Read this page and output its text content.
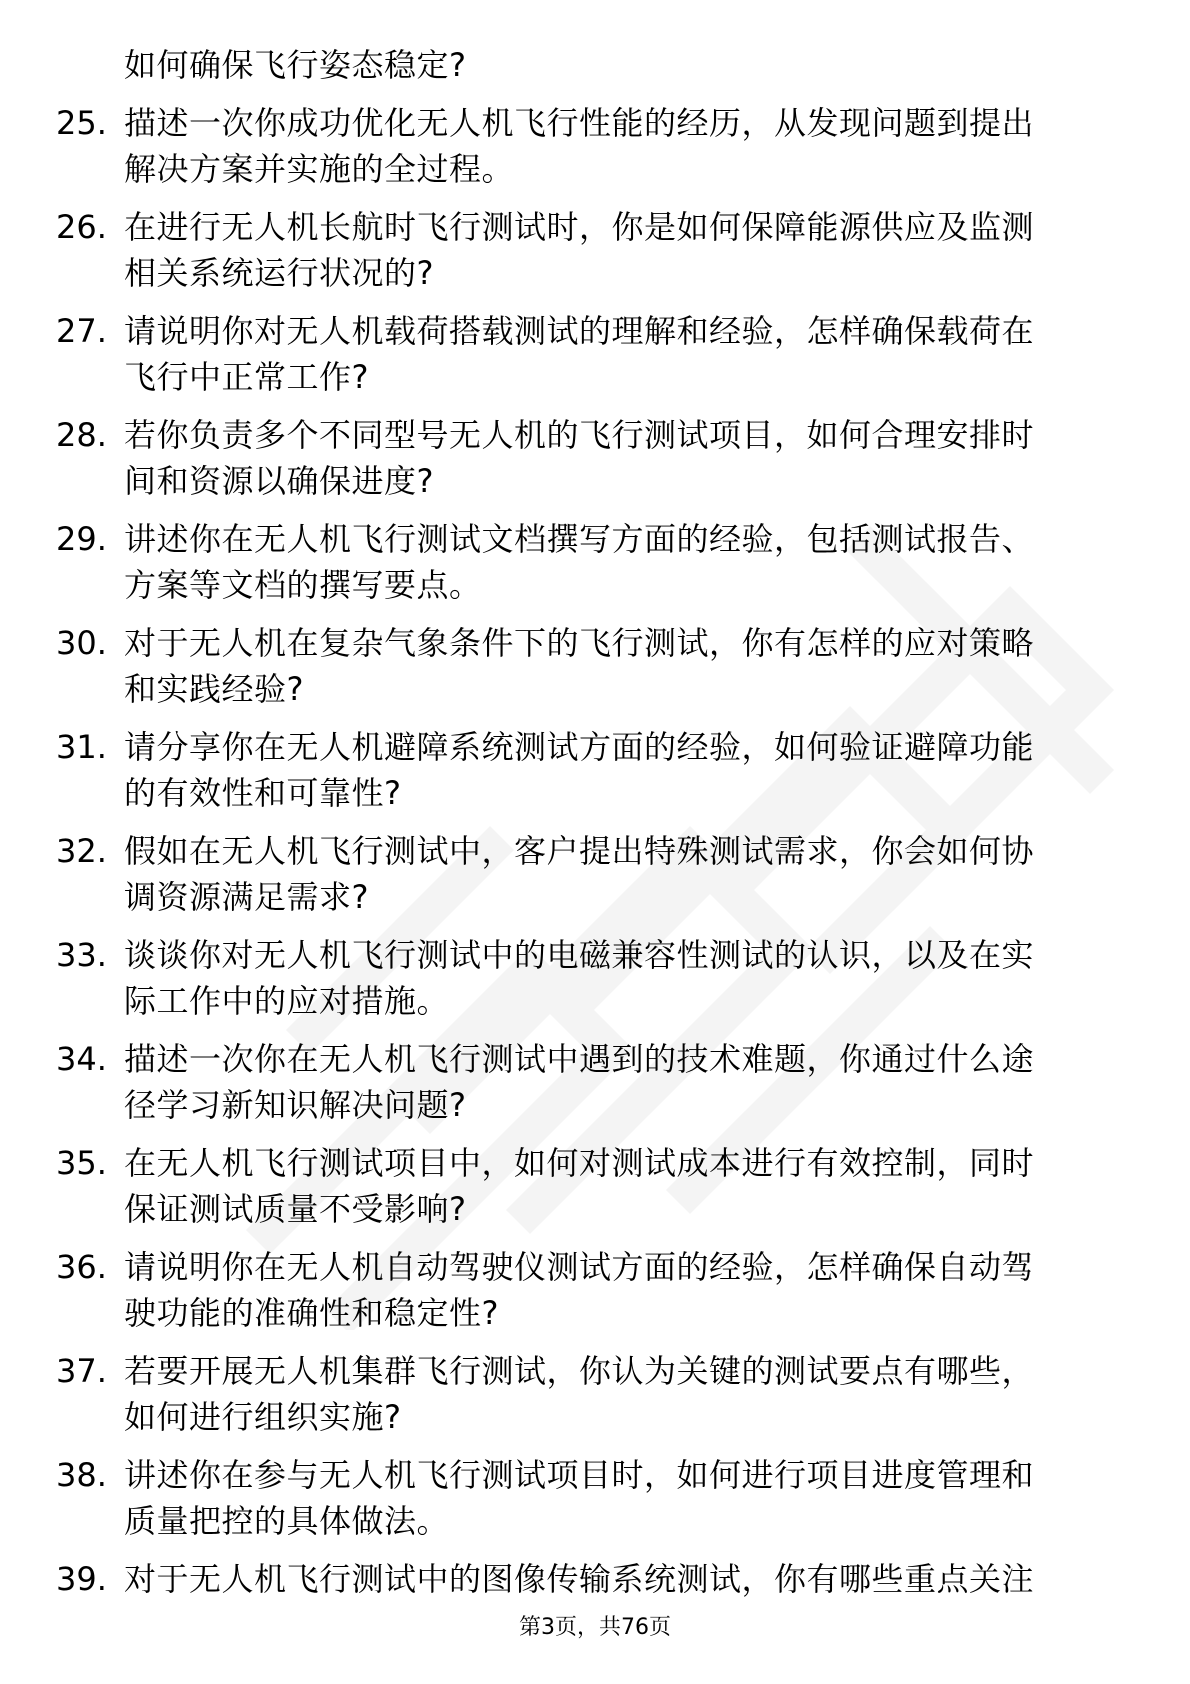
如何确保飞行姿态稳定?
25. 描述一次你成功优化无人机飞行性能的经历，从发现问题到提出
解决方案并实施的全过程。
26. 在进行无人机长航时飞行测试时，你是如何保障能源供应及监测
相关系统运行状况的?
27. 请说明你对无人机载荷搭载测试的理解和经验，怎样确保载荷在
飞行中正常工作?
28. 若你负责多个不同型号无人机的飞行测试项目，如何合理安排时
间和资源以确保进度?
29. 讲述你在无人机飞行测试文档撰写方面的经验，包括测试报告、
方案等文档的撰写要点。
30. 对于无人机在复杂气象条件下的飞行测试，你有怎样的应对策略
和实践经验?
31. 请分享你在无人机避障系统测试方面的经验，如何验证避障功能
的有效性和可靠性?
32. 假如在无人机飞行测试中，客户提出特殊测试需求，你会如何协
调资源满足需求?
33. 谈谈你对无人机飞行测试中的电磁兼容性测试的认识，以及在实
际工作中的应对措施。
34. 描述一次你在无人机飞行测试中遇到的技术难题，你通过什么途
径学习新知识解决问题?
35. 在无人机飞行测试项目中，如何对测试成本进行有效控制，同时
保证测试质量不受影响?
36. 请说明你在无人机自动驾驶仪测试方面的经验，怎样确保自动驾
驶功能的准确性和稳定性?
37. 若要开展无人机集群飞行测试，你认为关键的测试要点有哪些，
如何进行组织实施?
38. 讲述你在参与无人机飞行测试项目时，如何进行项目进度管理和
质量把控的具体做法。
39. 对于无人机飞行测试中的图像传输系统测试，你有哪些重点关注
第3页，共76页
